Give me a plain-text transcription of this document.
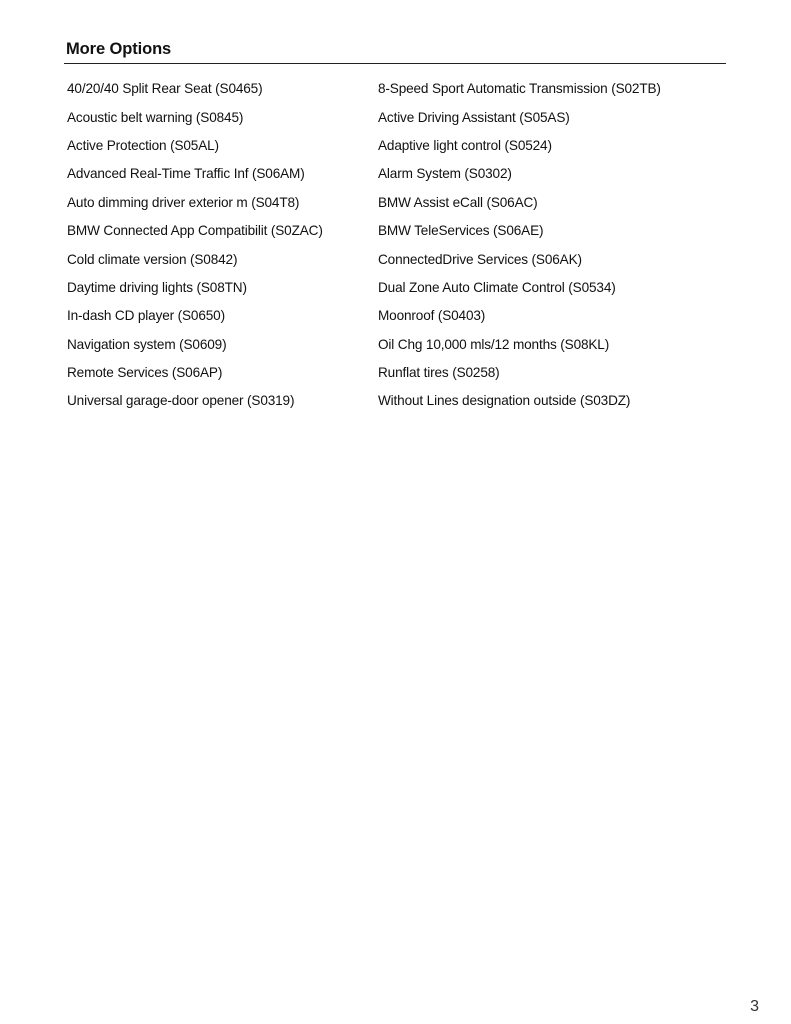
More Options
40/20/40 Split Rear Seat (S0465)	8-Speed Sport Automatic Transmission (S02TB)
Acoustic belt warning (S0845)	Active Driving Assistant (S05AS)
Active Protection (S05AL)	Adaptive light control (S0524)
Advanced Real-Time Traffic Inf (S06AM)	Alarm System (S0302)
Auto dimming driver exterior m (S04T8)	BMW Assist eCall (S06AC)
BMW Connected App Compatibilit (S0ZAC)	BMW TeleServices (S06AE)
Cold climate version (S0842)	ConnectedDrive Services (S06AK)
Daytime driving lights (S08TN)	Dual Zone Auto Climate Control (S0534)
In-dash CD player (S0650)	Moonroof (S0403)
Navigation system (S0609)	Oil Chg 10,000 mls/12 months (S08KL)
Remote Services (S06AP)	Runflat tires (S0258)
Universal garage-door opener (S0319)	Without Lines designation outside (S03DZ)
3
